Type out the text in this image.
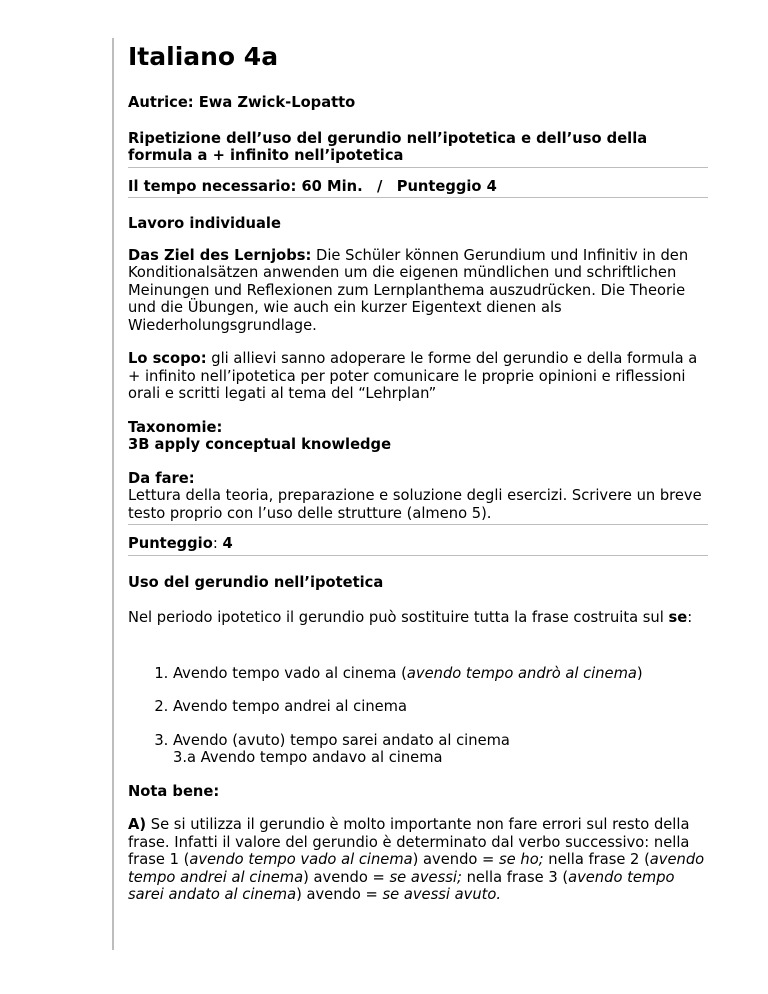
Italiano 4a

Autrice: Ewa Zwick-Lopatto

Ripetizione dell’uso del gerundio nell’ipotetica e dell’uso della formula a + infinito nell’ipotetica

Il tempo necessario: 60 Min. / Punteggio 4

Lavoro individuale

Das Ziel des Lernjobs: Die Schüler können Gerundium und Infinitiv in den Konditionalsätzen anwenden um die eigenen mündlichen und schriftlichen Meinungen und Reflexionen zum Lernplanthema auszudrücken. Die Theorie und die Übungen, wie auch ein kurzer Eigentext dienen als Wiederholungsgrundlage.

Lo scopo: gli allievi sanno adoperare le forme del gerundio e della formula a + infinito nell’ipotetica per poter comunicare le proprie opinioni e riflessioni orali e scritti legati al tema del “Lehrplan”

Taxonomie:
3B apply conceptual knowledge

Da fare:
Lettura della teoria, preparazione e soluzione degli esercizi. Scrivere un breve testo proprio con l’uso delle strutture (almeno 5).

Punteggio: 4

Uso del gerundio nell’ipotetica

Nel periodo ipotetico il gerundio può sostituire tutta la frase costruita sul se:

1. Avendo tempo vado al cinema (avendo tempo andrò al cinema)
2. Avendo tempo andrei al cinema
3. Avendo (avuto) tempo sarei andato al cinema
3.a Avendo tempo andavo al cinema

Nota bene:

A) Se si utilizza il gerundio è molto importante non fare errori sul resto della frase. Infatti il valore del gerundio è determinato dal verbo successivo: nella frase 1 (avendo tempo vado al cinema) avendo = se ho; nella frase 2 (avendo tempo andrei al cinema) avendo = se avessi; nella frase 3 (avendo tempo sarei andato al cinema) avendo = se avessi avuto.
